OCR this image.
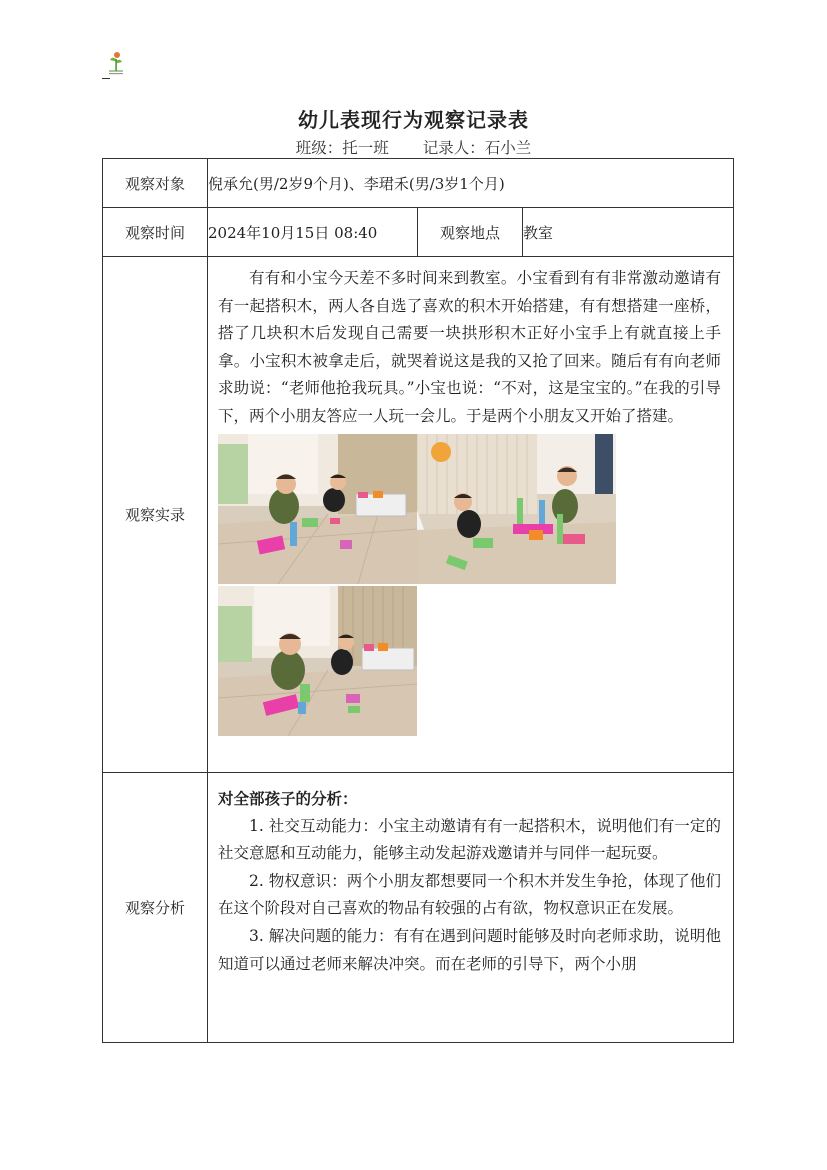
幼儿表现行为观察记录表
班级：托一班 记录人：石小兰
观察对象	倪承允(男/2岁9个月)、李珺禾(男/3岁1个月)		
观察时间	2024年10月15日 08:40	观察地点	教室
观察实录	有有和小宝今天差不多时间来到教室。小宝看到有有非常激动邀请有有一起搭积木，两人各自选了喜欢的积木开始搭建，有有想搭建一座桥，搭了几块积木后发现自己需要一块拱形积木正好小宝手上有就直接上手拿。小宝积木被拿走后，就哭着说这是我的又抢了回来。随后有有向老师求助说：“老师他抢我玩具。”小宝也说：“不对，这是宝宝的。”在我的引导下，两个小朋友答应一人玩一会儿。于是两个小朋友又开始了搭建。		

观察分析	对全部孩子的分析：

1. 社交互动能力：小宝主动邀请有有一起搭积木，说明他们有一定的社交意愿和互动能力，能够主动发起游戏邀请并与同伴一起玩耍。

2. 物权意识：两个小朋友都想要同一个积木并发生争抢，体现了他们在这个阶段对自己喜欢的物品有较强的占有欲，物权意识正在发展。

3. 解决问题的能力：有有在遇到问题时能够及时向老师求助，说明他知道可以通过老师来解决冲突。而在老师的引导下，两个小朋		
